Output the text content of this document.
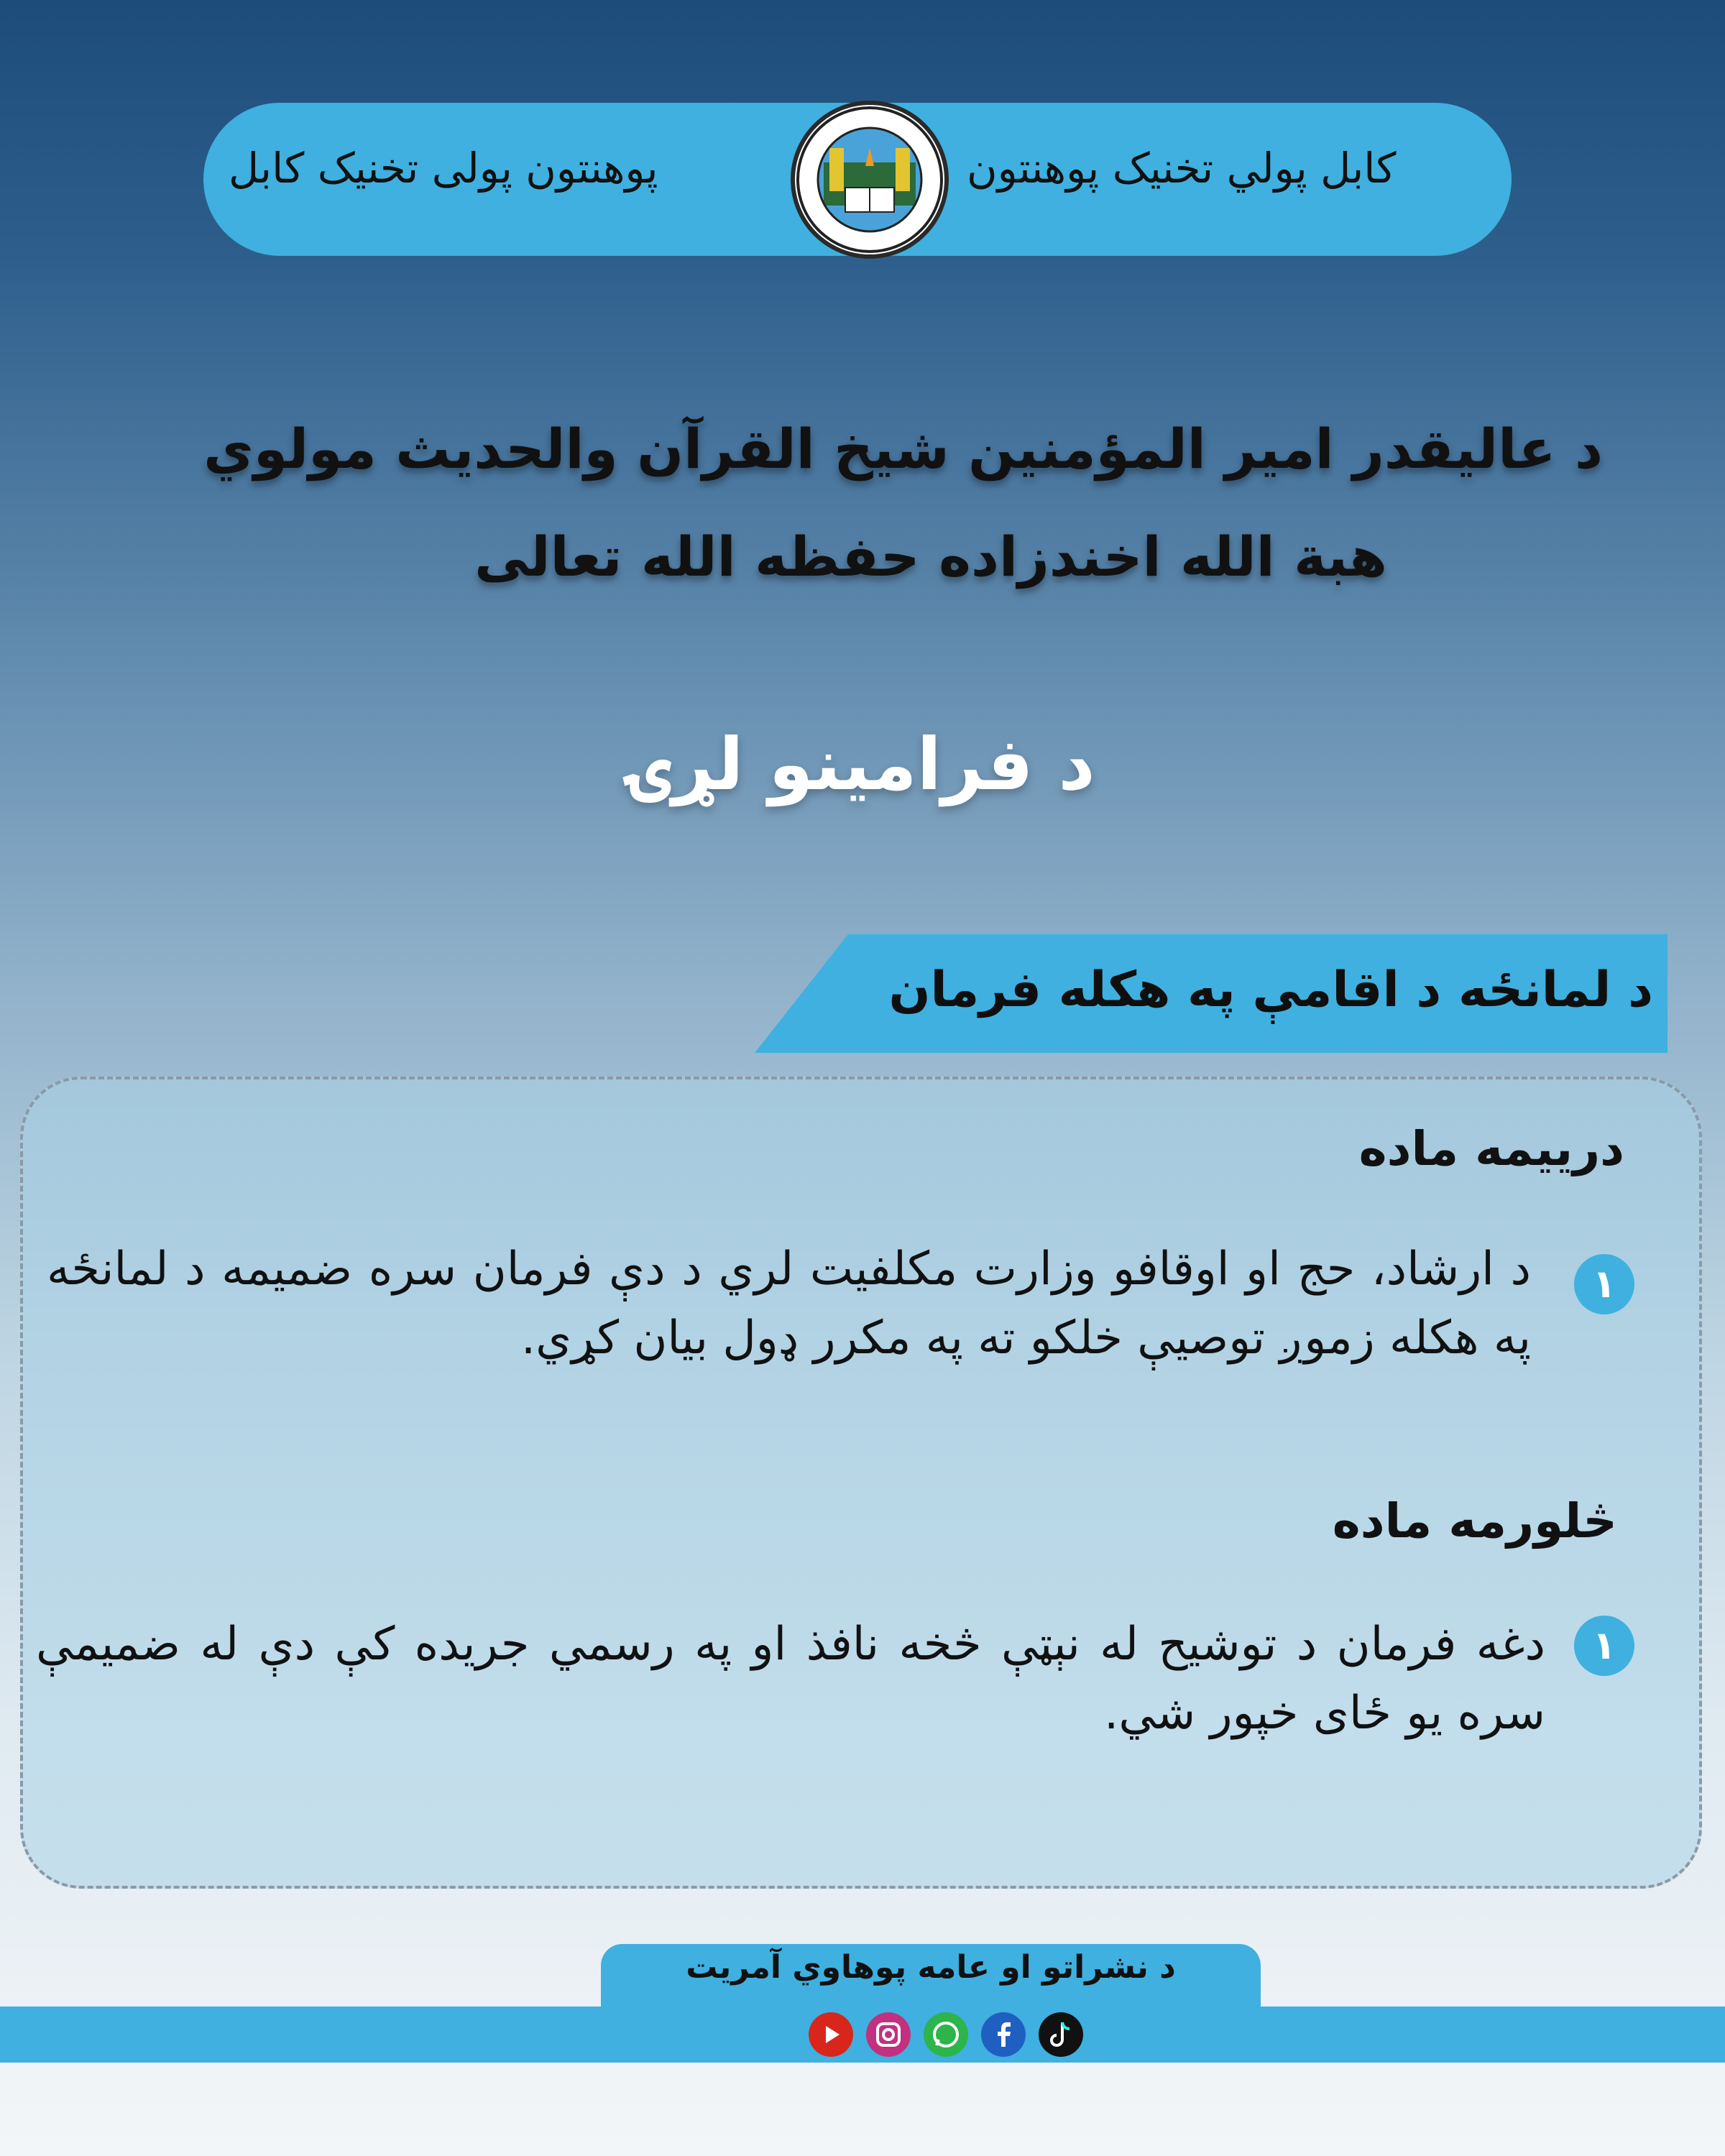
کابل پولي تخنیک پوهنتون
پوهنتون پولی تخنیک کابل
د عالیقدر امیر المؤمنین شیخ القرآن والحدیث مولوي
هبة الله اخندزاده حفظه الله تعالی
د فرامینو لړۍ
د لمانځه د اقامې په هکله فرمان
درییمه ماده
۱
د ارشاد، حج او اوقافو وزارت مکلفیت لري د دې فرمان سره ضمیمه د لمانځه په هکله زموږ توصیې خلکو ته په مکرر ډول بیان کړي.
څلورمه ماده
۱
دغه فرمان د توشیح له نېټې څخه نافذ او په رسمي جریده کې دې له ضمیمې سره یو ځای خپور شي.
د نشراتو او عامه پوهاوي آمریت
